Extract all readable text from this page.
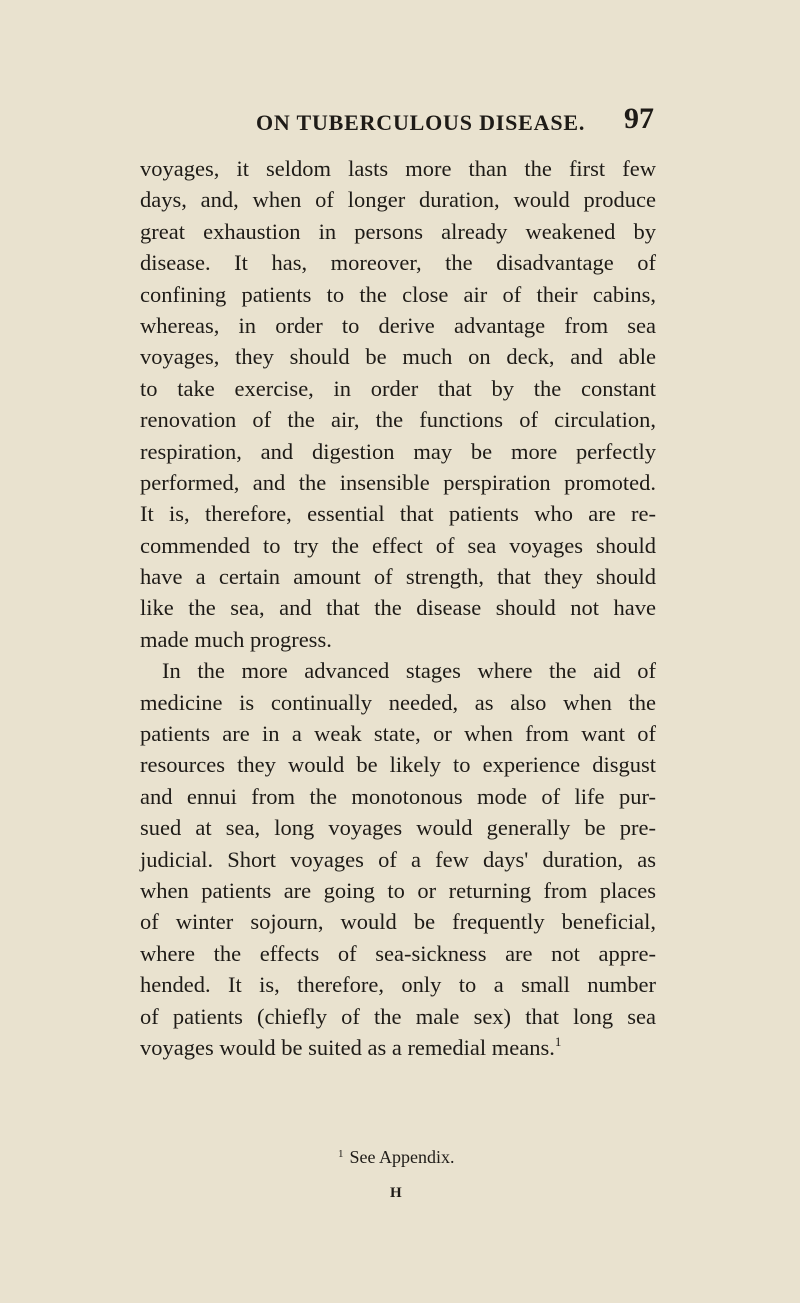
ON TUBERCULOUS DISEASE. 97
voyages, it seldom lasts more than the first few
days, and, when of longer duration, would produce
great exhaustion in persons already weakened by
disease. It has, moreover, the disadvantage of
confining patients to the close air of their cabins,
whereas, in order to derive advantage from sea
voyages, they should be much on deck, and able
to take exercise, in order that by the constant
renovation of the air, the functions of circulation,
respiration, and digestion may be more perfectly
performed, and the insensible perspiration promoted.
It is, therefore, essential that patients who are re-
commended to try the effect of sea voyages should
have a certain amount of strength, that they should
like the sea, and that the disease should not have
made much progress.
In the more advanced stages where the aid of
medicine is continually needed, as also when the
patients are in a weak state, or when from want of
resources they would be likely to experience disgust
and ennui from the monotonous mode of life pur-
sued at sea, long voyages would generally be pre-
judicial. Short voyages of a few days' duration, as
when patients are going to or returning from places
of winter sojourn, would be frequently beneficial,
where the effects of sea-sickness are not appre-
hended. It is, therefore, only to a small number
of patients (chiefly of the male sex) that long sea
voyages would be suited as a remedial means.$^1$
$^1$ See Appendix.
H
